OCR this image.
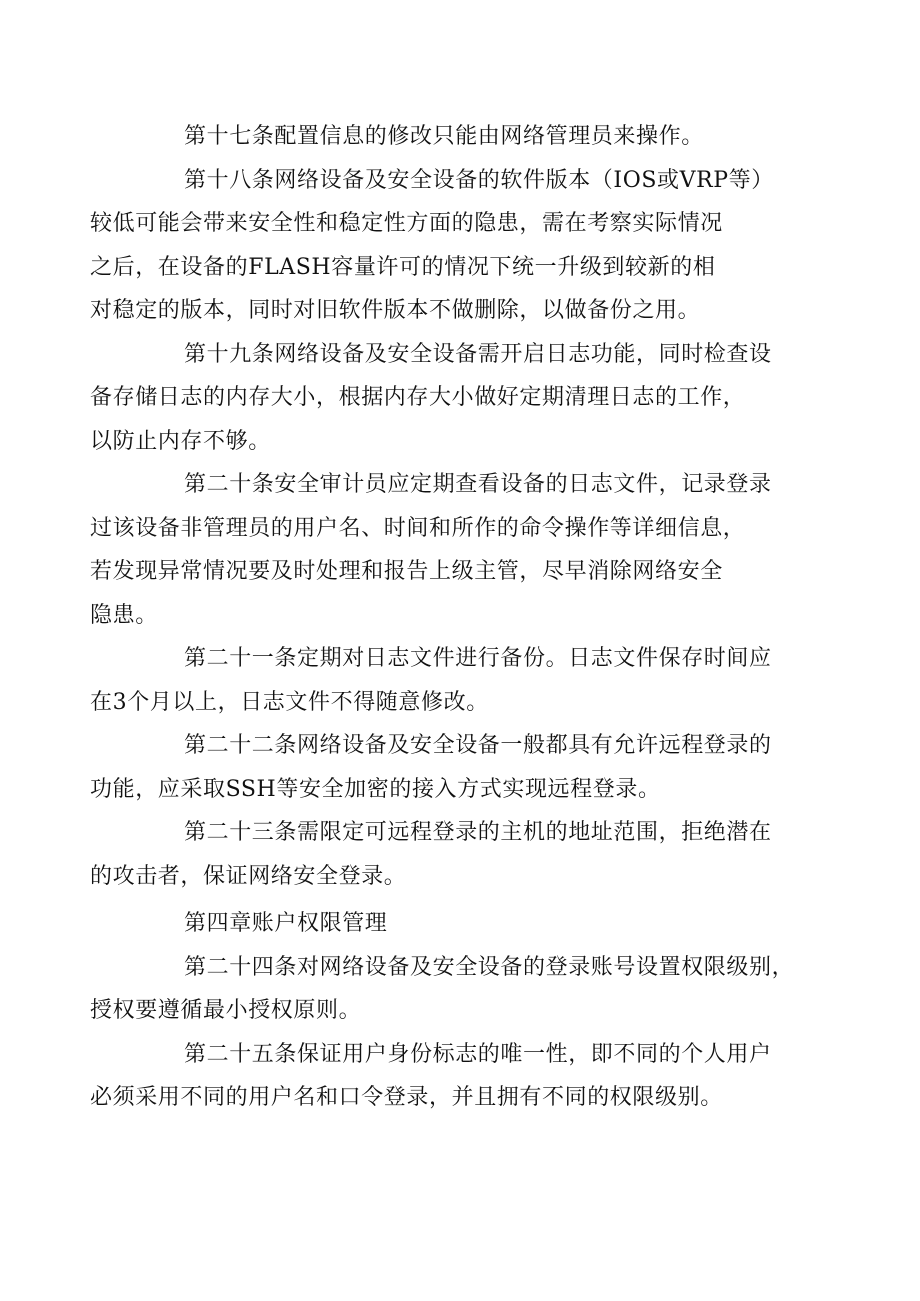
第十七条配置信息的修改只能由网络管理员来操作。

第十八条网络设备及安全设备的软件版本（IOS或VRP等）
较低可能会带来安全性和稳定性方面的隐患，需在考察实际情况
之后，在设备的FLASH容量许可的情况下统一升级到较新的相
对稳定的版本，同时对旧软件版本不做删除，以做备份之用。

第十九条网络设备及安全设备需开启日志功能，同时检查设
备存储日志的内存大小，根据内存大小做好定期清理日志的工作，
以防止内存不够。

第二十条安全审计员应定期查看设备的日志文件，记录登录
过该设备非管理员的用户名、时间和所作的命令操作等详细信息，
若发现异常情况要及时处理和报告上级主管，尽早消除网络安全
隐患。

第二十一条定期对日志文件进行备份。日志文件保存时间应
在3个月以上，日志文件不得随意修改。

第二十二条网络设备及安全设备一般都具有允许远程登录的
功能，应采取SSH等安全加密的接入方式实现远程登录。

第二十三条需限定可远程登录的主机的地址范围，拒绝潜在
的攻击者，保证网络安全登录。

第四章账户权限管理

第二十四条对网络设备及安全设备的登录账号设置权限级别，
授权要遵循最小授权原则。

第二十五条保证用户身份标志的唯一性，即不同的个人用户
必须采用不同的用户名和口令登录，并且拥有不同的权限级别。
